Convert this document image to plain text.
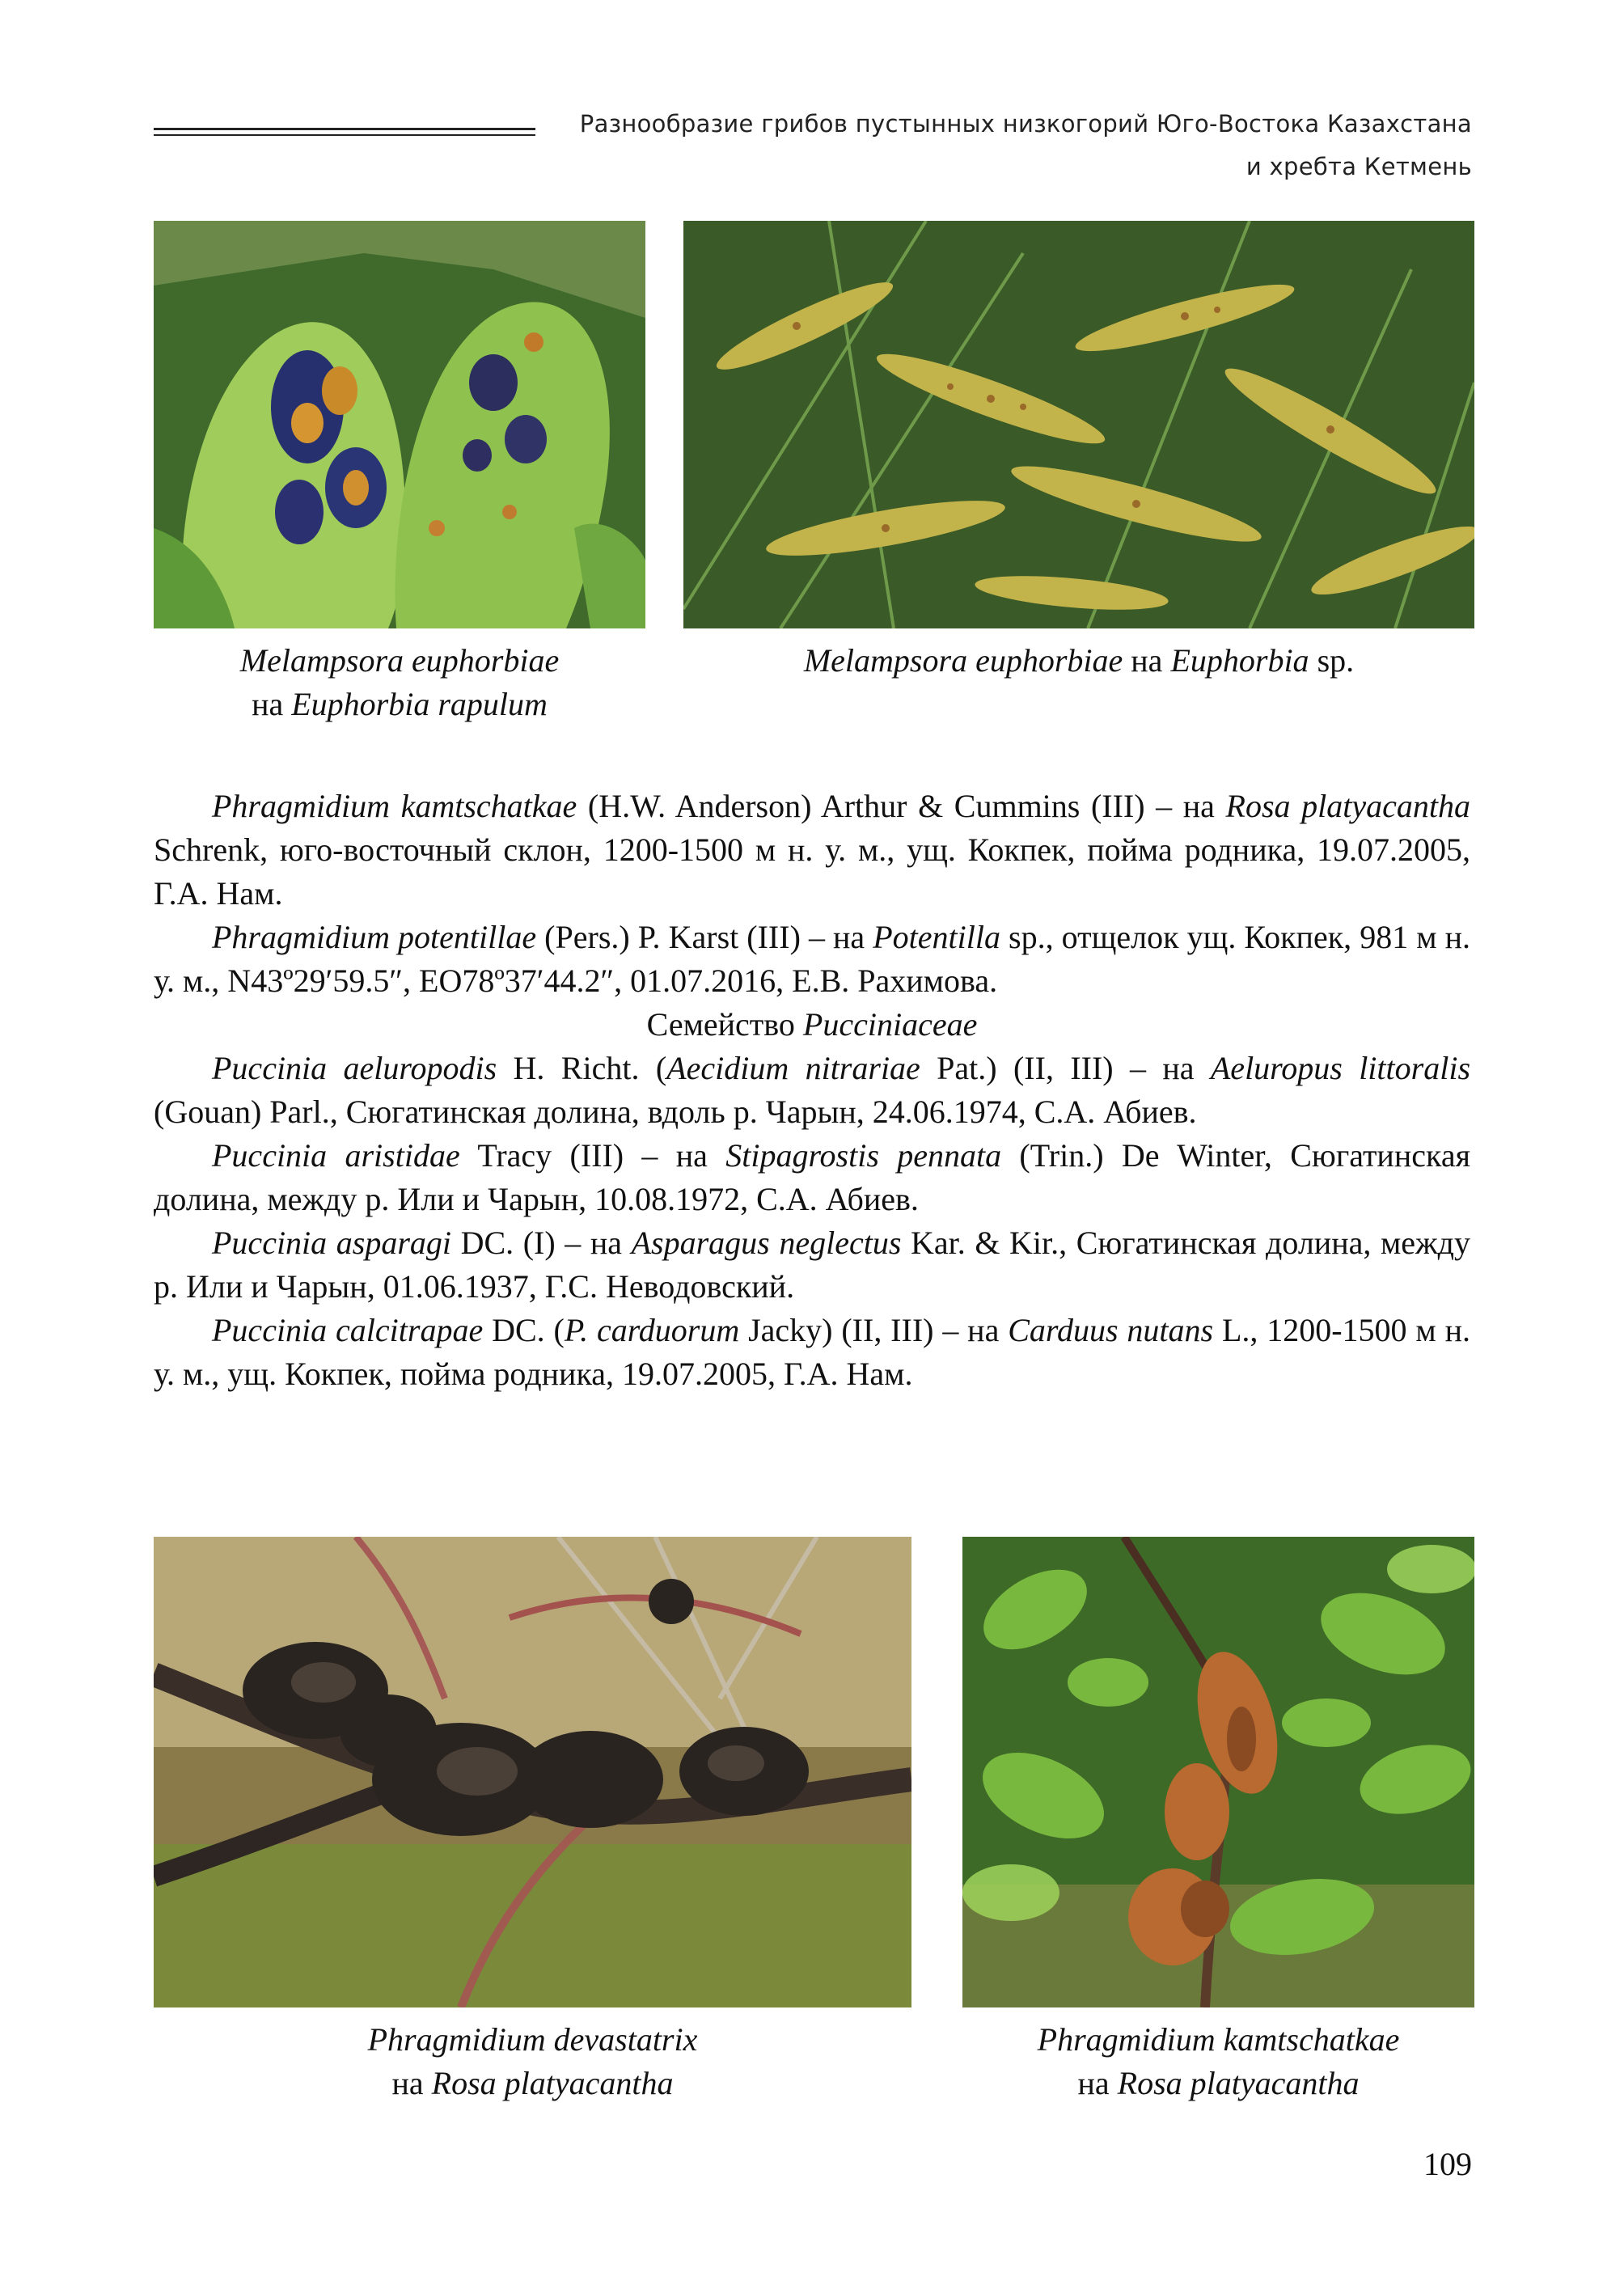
Разнообразие грибов пустынных низкогорий Юго-Востока Казахстана
и хребта Кетмень
Melampsora euphorbiae
на Euphorbia rapulum
Melampsora euphorbiae на Euphorbia sp.

Phragmidium kamtschatkae (H.W. Anderson) Arthur & Cummins (III) – на Rosa platyacantha Schrenk, юго-восточный склон, 1200-1500 м н. у. м., ущ. Кокпек, пойма родника, 19.07.2005, Г.А. Нам.

Phragmidium potentillae (Pers.) P. Karst (III) – на Potentilla sp., отщелок ущ. Кокпек, 981 м н. у. м., N43º29′59.5″, EO78º37′44.2″, 01.07.2016, Е.В. Рахимова.

Семейство Pucciniaceae

Puccinia aeluropodis H. Richt. (Aecidium nitrariae Pat.) (II, III) – на Aeluropus littoralis (Gouan) Parl., Сюгатинская долина, вдоль р. Чарын, 24.06.1974, С.А. Абиев.

Puccinia aristidae Tracy (III) – на Stipagrostis pennata (Trin.) De Winter, Сюгатинская долина, между р. Или и Чарын, 10.08.1972, С.А. Абиев.

Puccinia asparagi DC. (I) – на Asparagus neglectus Kar. & Kir., Сюгатинская долина, между р. Или и Чарын, 01.06.1937, Г.С. Неводовский.

Puccinia calcitrapae DC. (P. carduorum Jacky) (II, III) – на Carduus nutans L., 1200-1500 м н. у. м., ущ. Кокпек, пойма родника, 19.07.2005, Г.А. Нам.

Phragmidium devastatrix
на Rosa platyacantha
Phragmidium kamtschatkae
на Rosa platyacantha
109
